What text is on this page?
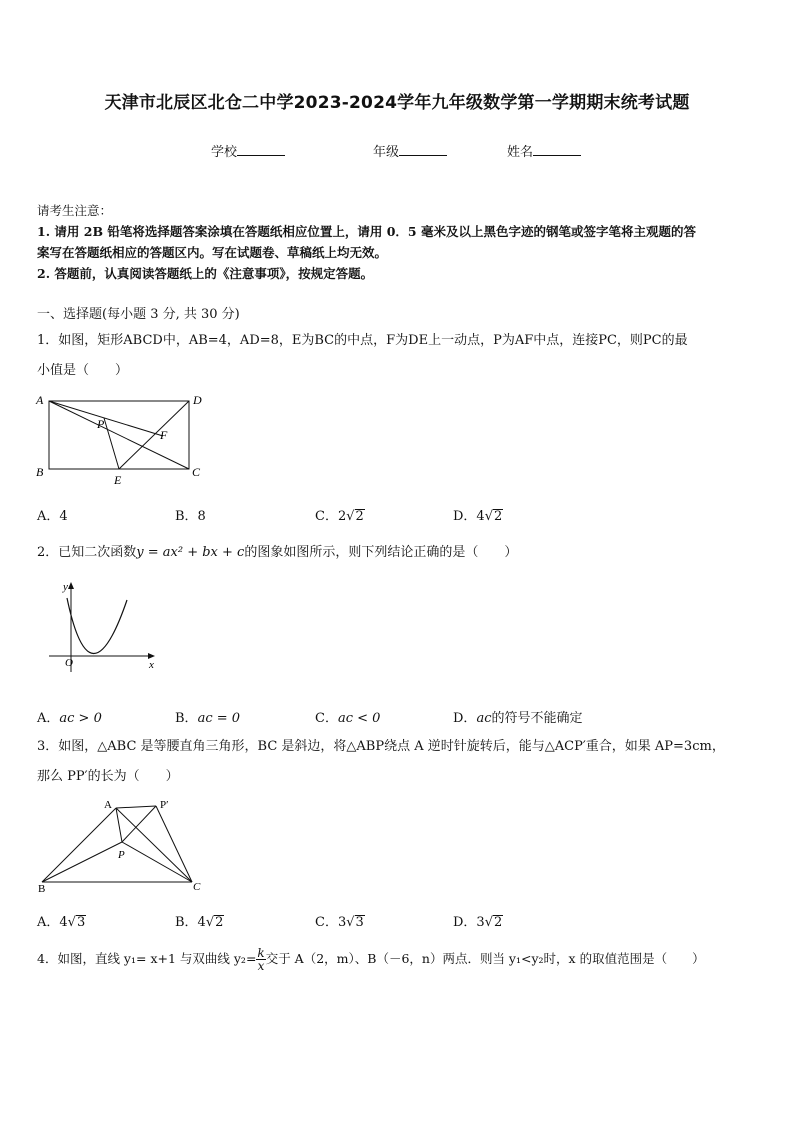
天津市北辰区北仓二中学2023-2024学年九年级数学第一学期期末统考试题
学校	年级	姓名
请考生注意：
1. 请用 2B 铅笔将选择题答案涂填在答题纸相应位置上，请用 0．5 毫米及以上黑色字迹的钢笔或签字笔将主观题的答
案写在答题纸相应的答题区内。写在试题卷、草稿纸上均无效。
2. 答题前，认真阅读答题纸上的《注意事项》，按规定答题。
一、选择题(每小题 3 分, 共 30 分)
1．如图，矩形ABCD中，AB=4，AD=8，E为BC的中点，F为DE上一动点，P为AF中点，连接PC，则PC的最
小值是（　　）
A	D
P
F
B
E
C
A．4	B．8	C．2√2	D．4√2
2．已知二次函数y = ax² + bx + c的图象如图所示，则下列结论正确的是（　　）
y
O	x
A．ac > 0	B．ac = 0	C．ac < 0	D．ac的符号不能确定
3．如图，△ABC 是等腰直角三角形，BC 是斜边，将△ABP绕点 A 逆时针旋转后，能与△ACP′重合，如果 AP=3cm，
那么 PP′的长为（　　）
A	P′
P
B	C
A．4√3	B．4√2	C．3√3	D．3√2
4．如图，直线 y₁= x+1 与双曲线 $y_2= \frac{k}{x}$ 交于 A（2，m）、B（－6，n）两点．则当 y₁<y₂时，x 的取值范围是（　　）
